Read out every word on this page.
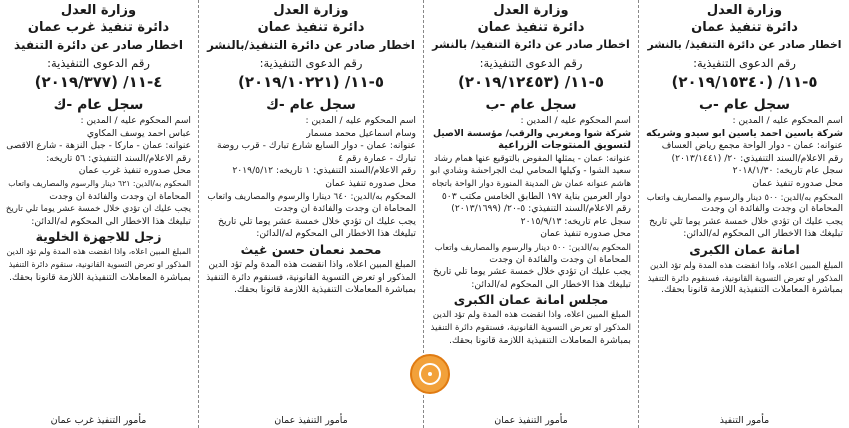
وزارة العدل
دائرة تنفيذ عمان
اخطار صادر عن دائرة التنفيذ/ بالنشر
رقم الدعوى التنفيذية:
٥-١١/ (٢٠١٩/١٥٣٤٠)
سجل عام -ب
اسم المحكوم عليه / المدين :
شركة ياسين احمد ياسين ابو سيدو وشريكه
عنوانه: عمان - دوار الواحة مجمع رياض العساف
رقم الاعلام/السند التنفيذي: ٢٠/ (٢٠١٣/١٤٤١)
سجل عام تاريخه: ٢٠١٨/١/٣٠
محل صدوره تنفيذ عمان
المحكوم به/الدين: ٥٠٠ دينار والرسوم والمصاريف واتعاب
المحاماة ان وجدت والفائدة ان وجدت
يجب عليك ان تؤدي خلال خمسة عشر يوما تلي تاريخ
تبليغك هذا الاخطار الى المحكوم له/الدائن:
امانة عمان الكبرى
المبلغ المبين اعلاه، واذا انقضت هذه المدة ولم تؤد الدين
المذكور او تعرض التسوية القانونية، فسنقوم دائرة التنفيذ
بمباشرة المعاملات التنفيذية اللازمة قانونا بحقك.
مأمور التنفيذ
وزارة العدل
دائرة تنفيذ عمان
اخطار صادر عن دائرة التنفيذ/ بالنشر
رقم الدعوى التنفيذية:
٥-١١/ (٢٠١٩/١٢٤٥٣)
سجل عام -ب
اسم المحكوم عليه / المدين :
شركة شوا ومغربي والرقب/ مؤسسة الاصيل
لتسويق المنتوجات الزراعية
عنوانه: عمان - يمثلها المفوض بالتوقيع عنها همام رشاد
سعيد الشوا - وكيلها المحامي ليث الجراحشة وشادي ابو
هاشم عنوانه عمان ش المدينة المنورة دوار الواحة باتجاه
دوار العرمين بناية ١٩٧ الطابق الخامس مكتب ٥٠٣
رقم الاعلام/السند التنفيذي: ٥-٢٠/ (٢٠١٣/١٦٩٩)
سجل عام تاريخه: ٢٠١٥/٩/١٣
محل صدوره تنفيذ عمان
المحكوم به/الدين: ٥٠٠ دينار والرسوم والمصاريف واتعاب
المحاماة ان وجدت والفائدة ان وجدت
يجب عليك ان تؤدي خلال خمسة عشر يوما تلي تاريخ
تبليغك هذا الاخطار الى المحكوم له/الدائن:
مجلس امانة عمان الكبرى
المبلغ المبين اعلاه، واذا انقضت هذه المدة ولم تؤد الدين
المذكور او تعرض التسوية القانونية، فسنقوم دائرة التنفيذ
بمباشرة المعاملات التنفيذية اللازمة قانونا بحقك.
مأمور التنفيذ عمان
وزارة العدل
دائرة تنفيذ عمان
اخطار صادر عن دائرة التنفيذ/بالنشر
رقم الدعوى التنفيذية:
٥-١١/ (٢٠١٩/١٠٢٢١)
سجل عام -ك
اسم المحكوم عليه / المدين :
وسام اسماعيل محمد مسمار
عنوانه: عمان - دوار السابع شارع تبارك - قرب روضة
تبارك - عمارة رقم ٤
رقم الاعلام/السند التنفيذي: ١ تاريخه: ٢٠١٩/٥/١٢
محل صدوره تنفيذ عمان
المحكوم به/الدين: ٦٤٠ دينارا والرسوم والمصاريف واتعاب
المحاماة ان وجدت والفائدة ان وجدت
يجب عليك ان تؤدي خلال خمسة عشر يوما تلي تاريخ
تبليغك هذا الاخطار الى المحكوم له/الدائن:
محمد نعمان حسن غيث
المبلغ المبين اعلاه، واذا انقضت هذه المدة ولم تؤد الدين
المذكور او تعرض التسوية القانونية، فسنقوم دائرة التنفيذ
بمباشرة المعاملات التنفيذية اللازمة قانونا بحقك.
مأمور التنفيذ عمان
وزارة العدل
دائرة تنفيذ غرب عمان
اخطار صادر عن دائرة التنفيذ
رقم الدعوى التنفيذية:
٤-١١/ (٢٠١٩/٣٧٧)
سجل عام -ك
اسم المحكوم عليه / المدين :
عباس احمد يوسف المكاوي
عنوانه: عمان - ماركا - جبل النزهة - شارع الاقصى
رقم الاعلام/السند التنفيذي: ٥٦ تاريخه:
محل صدوره تنفيذ غرب عمان
المحكوم به/الدين: ٦٢١ دينار والرسوم والمصاريف واتعاب
المحاماة ان وجدت والفائدة ان وجدت
يجب عليك ان تؤدي خلال خمسة عشر يوما تلي تاريخ
تبليغك هذا الاخطار الى المحكوم له/الدائن:
زجل للاجهزة الخلوية
المبلغ المبين اعلاه، واذا انقضت هذه المدة ولم تؤد الدين
المذكور او تعرض التسوية القانونية، سنقوم دائرة التنفيذ
بمباشرة المعاملات التنفيذية اللازمة قانونا بحقك.
مأمور التنفيذ غرب عمان
